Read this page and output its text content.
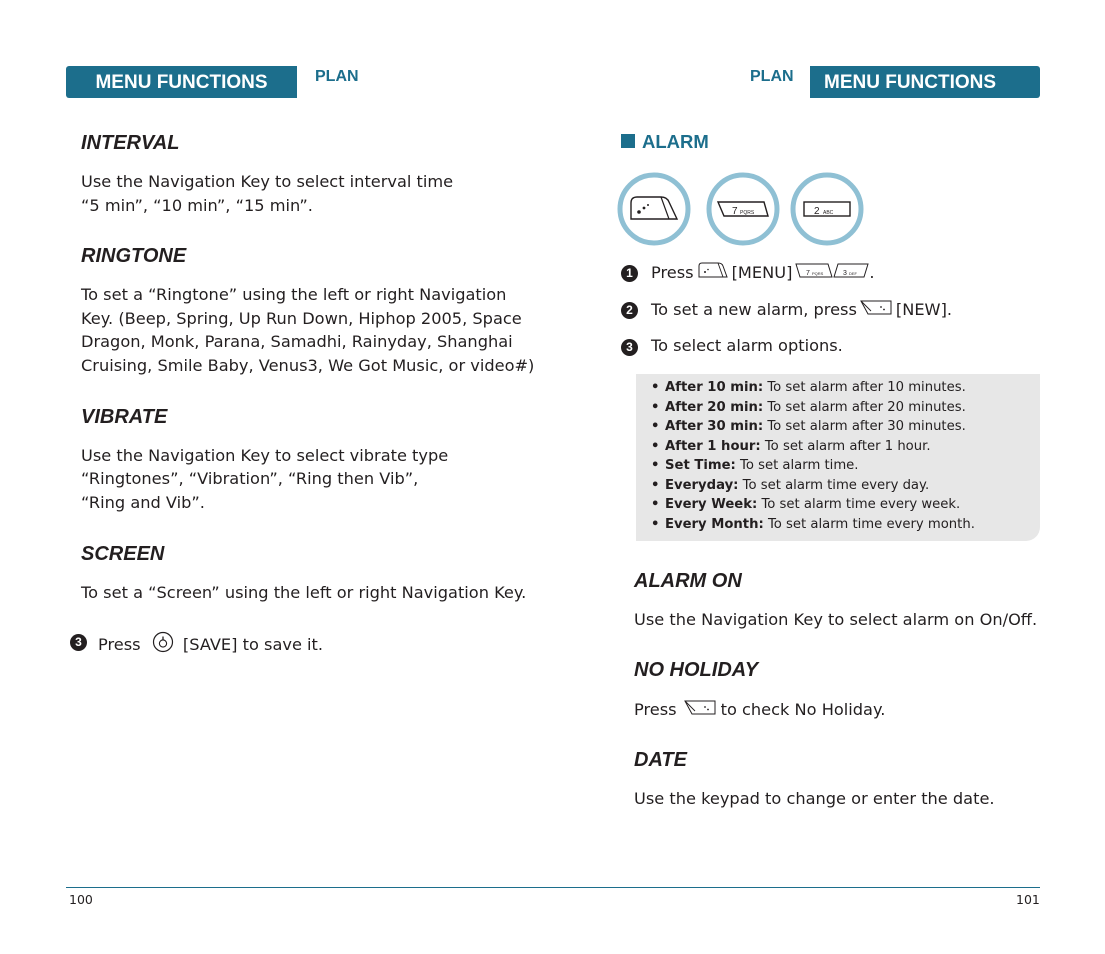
MENU FUNCTIONS	PLAN
INTERVAL
Use the Navigation Key to select interval time
“5 min”, “10 min”, “15 min”.
RINGTONE
To set a “Ringtone” using the left or right Navigation
Key. (Beep, Spring, Up Run Down, Hiphop 2005, Space
Dragon, Monk, Parana, Samadhi, Rainyday, Shanghai
Cruising, Smile Baby, Venus3, We Got Music, or video#)
VIBRATE
Use the Navigation Key to select vibrate type
“Ringtones”, “Vibration”, “Ring then Vib”,
“Ring and Vib”.
SCREEN
To set a “Screen” using the left or right Navigation Key.
3 Press	[SAVE] to save it.
PLAN	MENU FUNCTIONS
ALARM
7 PQRS	2 ABC
1	Press [MENU] 7 PQRS	3 DEF .
2	To set a new alarm, press [NEW].
3	To select alarm options.
• After 10 min: To set alarm after 10 minutes.
• After 20 min: To set alarm after 20 minutes.
• After 30 min: To set alarm after 30 minutes.
• After 1 hour: To set alarm after 1 hour.
• Set Time: To set alarm time.
• Everyday: To set alarm time every day.
• Every Week: To set alarm time every week.
• Every Month: To set alarm time every month.
ALARM ON
Use the Navigation Key to select alarm on On/Off.
NO HOLIDAY
Press	to check No Holiday.
DATE
Use the keypad to change or enter the date.
100	101
